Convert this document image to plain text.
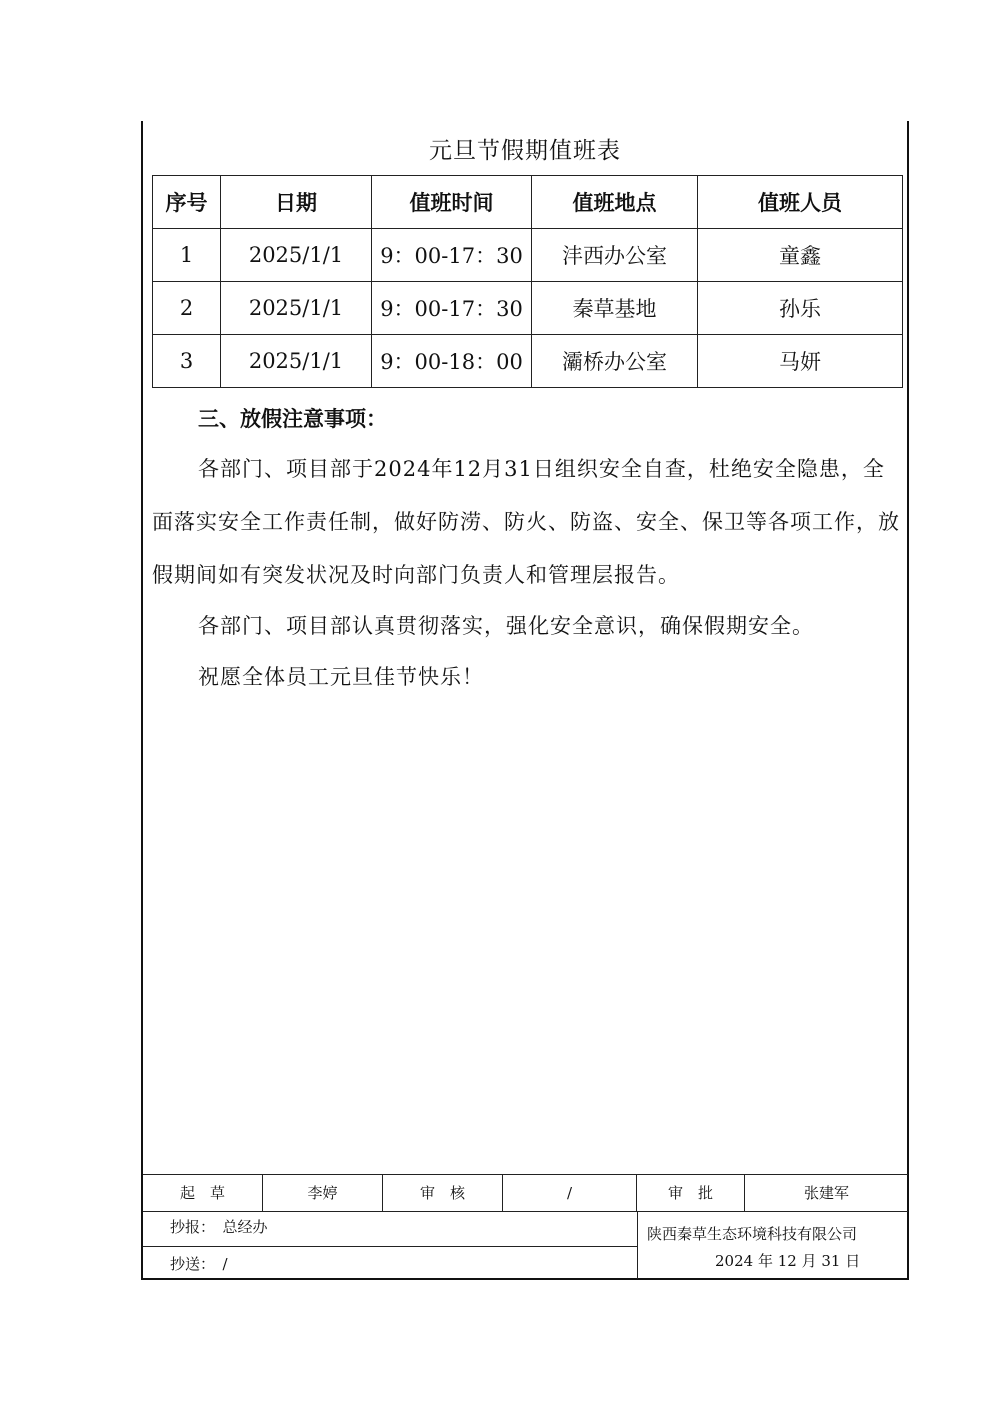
元旦节假期值班表
序号	日期	值班时间	值班地点	值班人员
1	2025/1/1	9：00-17：30	沣西办公室	童鑫
2	2025/1/1	9：00-17：30	秦草基地	孙乐
3	2025/1/1	9：00-18：00	灞桥办公室	马妍
三、放假注意事项：

各部门、项目部于2024年12月31日组织安全自查，杜绝安全隐患，全面落实安全工作责任制，做好防涝、防火、防盗、安全、保卫等各项工作，放假期间如有突发状况及时向部门负责人和管理层报告。

各部门、项目部认真贯彻落实，强化安全意识，确保假期安全。

祝愿全体员工元旦佳节快乐！

起　草	李婷	审　核	/	审　批	张建军
抄报：　总经办
抄送：　/
陕西秦草生态环境科技有限公司
2024 年 12 月 31 日
